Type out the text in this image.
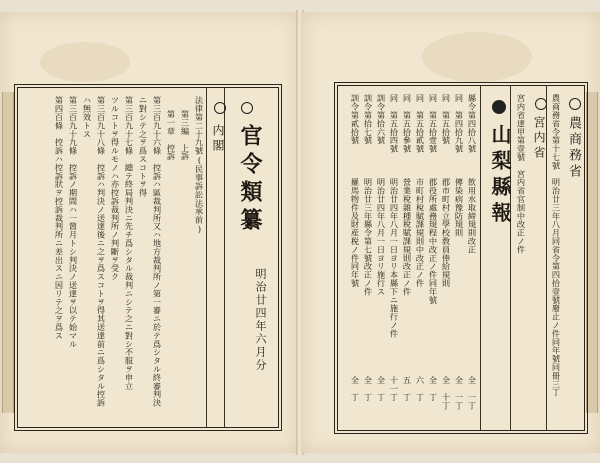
官令類纂
明治廿四年六月分
内閣
法律第二十九號(民事訴訟法承前)
第三編　上訴
第一章　控訴
第三百九十六條　控訴ハ區裁判所又ハ地方裁判所ノ第一審ニ於テ爲シタル終審判決
ニ對シテ之ヲ爲スコトヲ得
第三百九十七條　總テ終局判決ニ先チ爲シタル裁判ニシテ之ニ對シ不服ヲ申立
ツルコトヲ得ルモノハ亦控訴裁判所ノ判斷ヲ受ク
第三百九十八條　控訴ハ判決ノ送達後ニ之ヲ爲スコトヲ得其送達前ニ爲シタル控訴
ハ無效トス
第三百九十九條　控訴ノ期間ハ一箇月トシ判決ノ送達ヲ以テ始マル
第四百條　控訴ハ控訴狀ヲ控訴裁判所ニ差出スニ因リテ之ヲ爲ス	農商務省
農商務省令第十七號　明治廿三年八月同省令第四拾壹號廢止ノ件同年號同冊三丁
宮内省
宮内省達甲第壹號　宮内省官制中改正ノ件
山梨縣報
縣令第四拾八號
飲用水取締規則改正
全　一丁
同　第四拾九號
傳染病豫防規則
全　一丁
同　第五拾號
郡市町村立學校敎員俸給規則
全　十丁
同　第五拾壹號
郡役所處務規程中改正ノ件同年號
全　丁
同　第五拾貳號
市町村稅賦課規則中改正ノ件
六　丁
同　第五拾參號
營業稅雜種稅賦課規則改正ノ件
五　丁
同　第五拾四號
明治廿四年八月一日ヨリ本縣下ニ施行ノ件
十一丁
訓令第拾六號
明治廿四年八月一日ヨリ施行ス
全　丁
訓令第拾七號
明治廿三年縣令第七號改正ノ件
全　丁
訓令第貳拾號
羅馬物件及財産税ノ件同年號
全　丁
